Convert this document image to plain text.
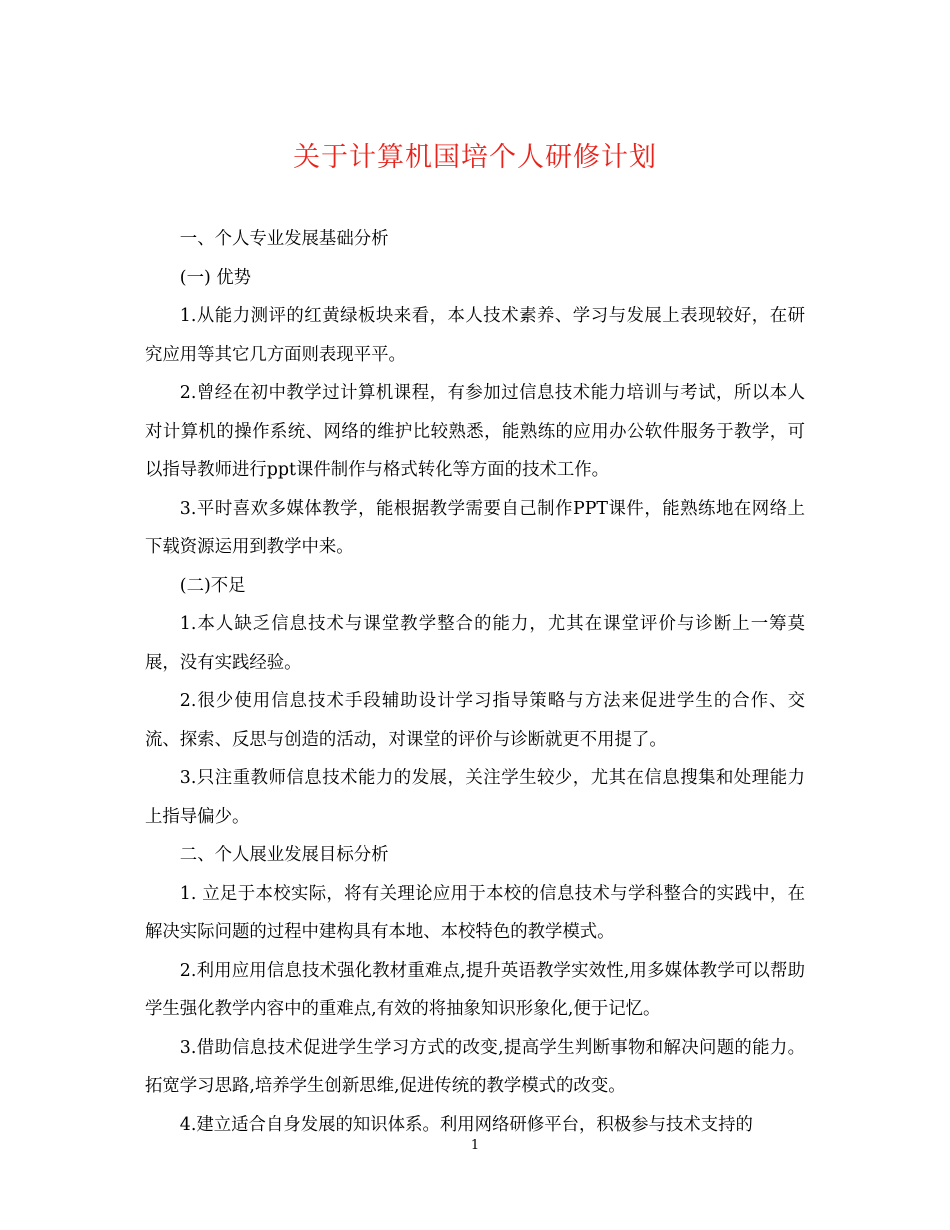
关于计算机国培个人研修计划

一、个人专业发展基础分析

(一) 优势

1.从能力测评的红黄绿板块来看，本人技术素养、学习与发展上表现较好，在研究应用等其它几方面则表现平平。

2.曾经在初中教学过计算机课程，有参加过信息技术能力培训与考试，所以本人对计算机的操作系统、网络的维护比较熟悉，能熟练的应用办公软件服务于教学，可以指导教师进行ppt课件制作与格式转化等方面的技术工作。

3.平时喜欢多媒体教学，能根据教学需要自己制作PPT课件，能熟练地在网络上下载资源运用到教学中来。

(二)不足

1.本人缺乏信息技术与课堂教学整合的能力，尤其在课堂评价与诊断上一筹莫展，没有实践经验。

2.很少使用信息技术手段辅助设计学习指导策略与方法来促进学生的合作、交流、探索、反思与创造的活动，对课堂的评价与诊断就更不用提了。

3.只注重教师信息技术能力的发展，关注学生较少，尤其在信息搜集和处理能力上指导偏少。

二、个人展业发展目标分析

1. 立足于本校实际，将有关理论应用于本校的信息技术与学科整合的实践中，在解决实际问题的过程中建构具有本地、本校特色的教学模式。

2.利用应用信息技术强化教材重难点,提升英语教学实效性,用多媒体教学可以帮助学生强化教学内容中的重难点,有效的将抽象知识形象化,便于记忆。

3.借助信息技术促进学生学习方式的改变,提高学生判断事物和解决问题的能力。拓宽学习思路,培养学生创新思维,促进传统的教学模式的改变。

4.建立适合自身发展的知识体系。利用网络研修平台，积极参与技术支持的

1
